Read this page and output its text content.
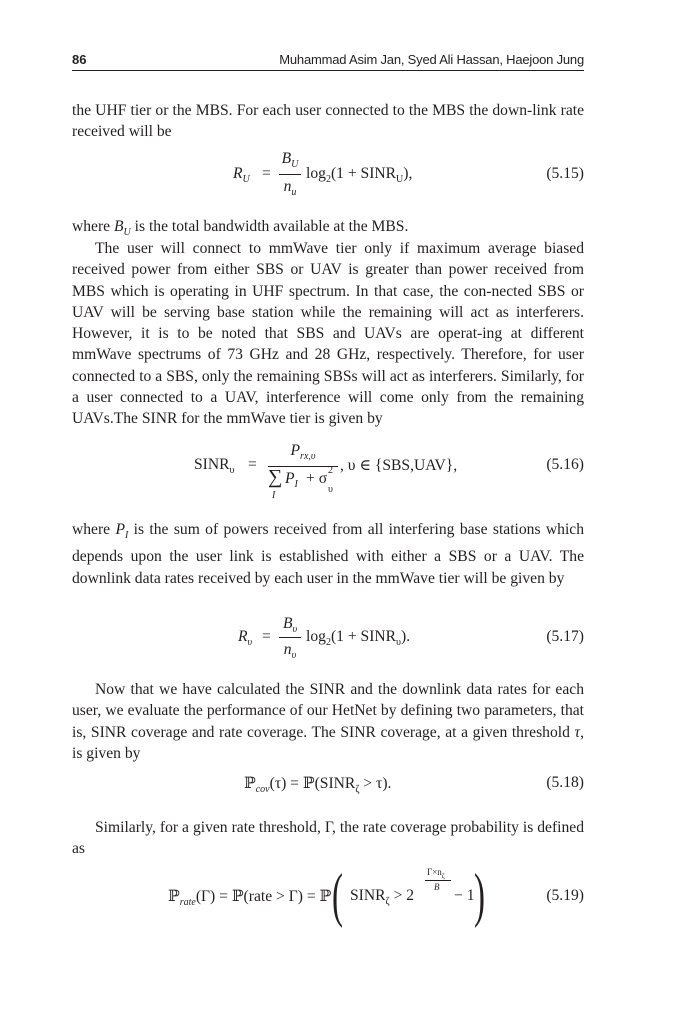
86	Muhammad Asim Jan, Syed Ali Hassan, Haejoon Jung

the UHF tier or the MBS. For each user connected to the MBS the down-link rate received will be

$R_U$ =
$B_U$
$n_u$
$\log_2(1$ + $SINR_U$),	(5.15)

where $B_U$ is the total bandwidth available at the MBS.

The user will connect to mmWave tier only if maximum average biased received power from either SBS or UAV is greater than power received from MBS which is operating in UHF spectrum. In that case, the con-nected SBS or UAV will be serving base station while the remaining will act as interferers. However, it is to be noted that SBS and UAVs are operat-ing at different mmWave spectrums of 73 GHz and 28 GHz, respectively. Therefore, for user connected to a SBS, only the remaining SBSs will act as interferers. Similarly, for a user connected to a UAV, interference will come only from the remaining UAVs.The SINR for the mmWave tier is given by

$SINR_\upsilon$ =
$P_{rx,\upsilon}$
∑
I
$P_I + \sigma$ 2
υ
, υ ∈ {SBS,UAV},	(5.16)

where $P_I$ is the sum of powers received from all interfering base stations which depends upon the user link is established with either a SBS or a UAV. The downlink data rates received by each user in the mmWave tier will be given by

$R_\upsilon$ =
$B_\upsilon$
$n_\upsilon$
$\log_2(1$ + $SINR_\upsilon$).	(5.17)

Now that we have calculated the SINR and the downlink data rates for each user, we evaluate the performance of our HetNet by defining two parameters, that is, SINR coverage and rate coverage. The SINR coverage, at a given threshold τ, is given by

ℙ$_{cov}$(τ) = $ℙ(SINR_\zeta > \tau)$.	(5.18)

Similarly, for a given rate threshold, Γ, the rate coverage probability is defined as

ℙ$_{rate}$(Γ) = ℙ(rate > Γ) = ℙ ( $SINR_\zeta > 2$
$\Gamma\times n_\zeta$
B − 1 )	(5.19)
